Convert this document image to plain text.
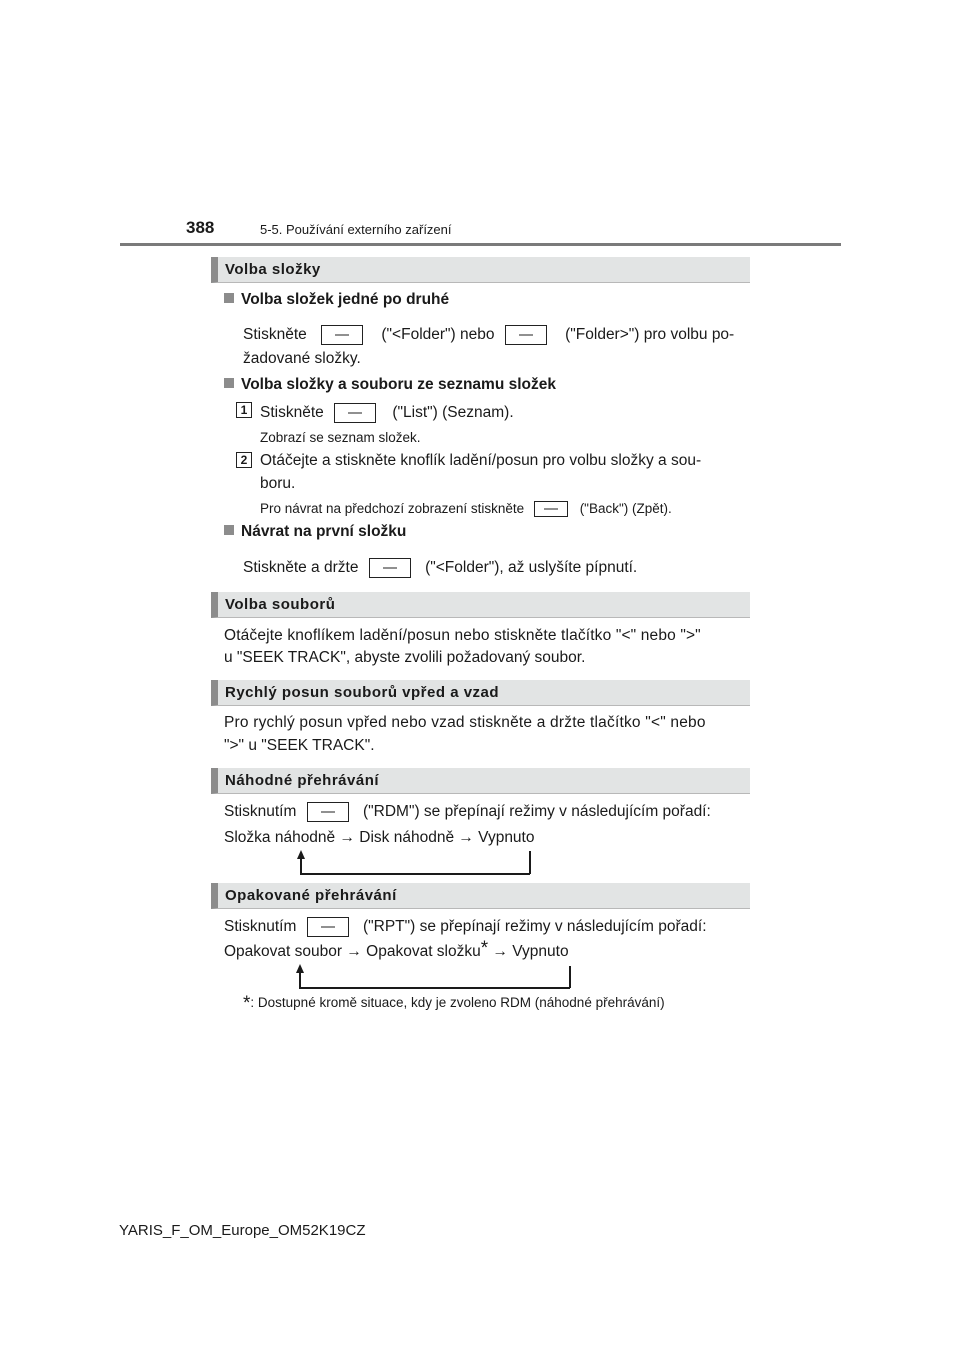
388	5-5. Používání externího zařízení
Volba složky
Volba složek jedné po druhé
Stiskněte	("<Folder") nebo	("Folder>") pro volbu po-
žadované složky.
Volba složky a souboru ze seznamu složek
1 Stiskněte	("List") (Seznam).
Zobrazí se seznam složek.
2 Otáčejte a stiskněte knoflík ladění/posun pro volbu složky a sou-
boru.
Pro návrat na předchozí zobrazení stiskněte	("Back") (Zpět).
Návrat na první složku
Stiskněte a držte	("<Folder"), až uslyšíte pípnutí.
Volba souborů
Otáčejte knoflíkem ladění/posun nebo stiskněte tlačítko "<" nebo ">"
u "SEEK TRACK", abyste zvolili požadovaný soubor.
Rychlý posun souborů vpřed a vzad
Pro rychlý posun vpřed nebo vzad stiskněte a držte tlačítko "<" nebo
">" u "SEEK TRACK".
Náhodné přehrávání
Stisknutím	("RDM") se přepínají režimy v následujícím pořadí:
Složka náhodně → Disk náhodně → Vypnuto
Opakované přehrávání
Stisknutím	("RPT") se přepínají režimy v následujícím pořadí:
Opakovat soubor → Opakovat složku* → Vypnuto
*: Dostupné kromě situace, kdy je zvoleno RDM (náhodné přehrávání)
YARIS_F_OM_Europe_OM52K19CZ
